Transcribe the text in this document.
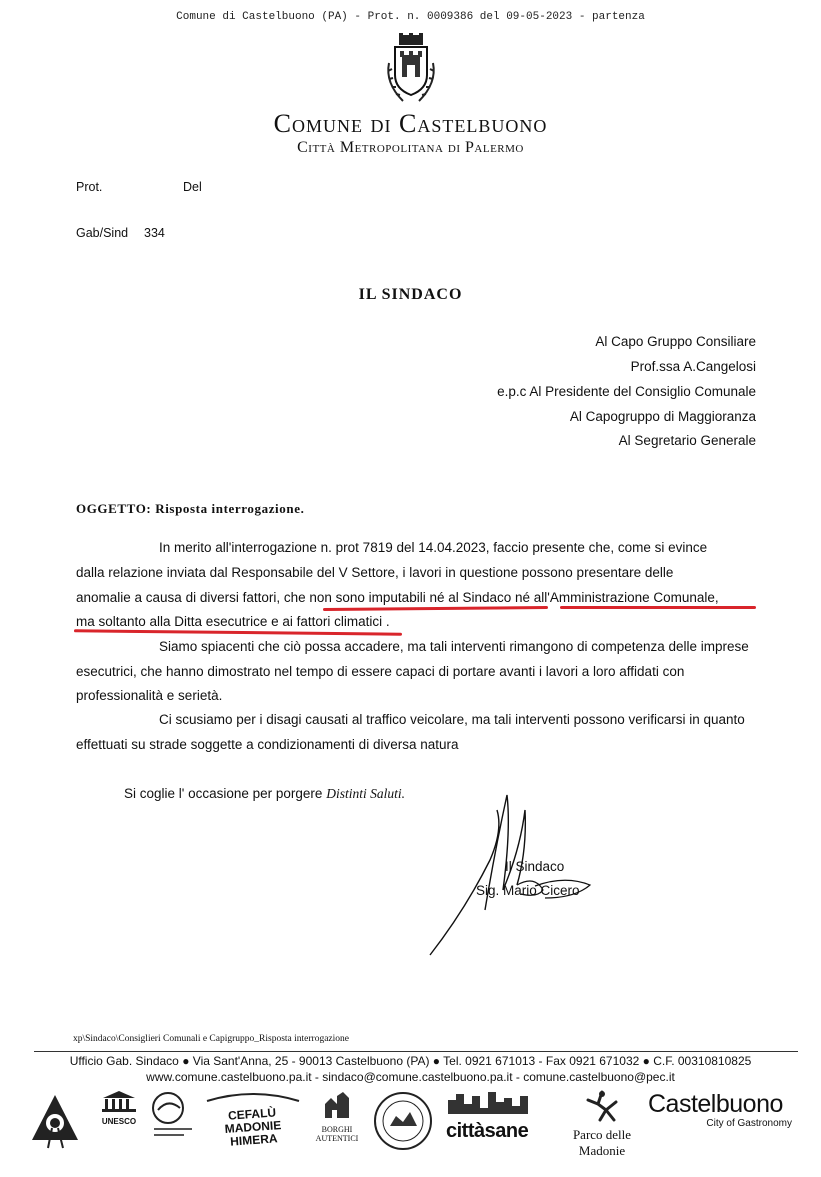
Comune di Castelbuono (PA) - Prot. n. 0009386 del 09-05-2023 - partenza
Comune di Castelbuono
Città Metropolitana di Palermo
Prot.	Del
Gab/Sind 334
IL SINDACO
Al Capo Gruppo Consiliare
Prof.ssa A.Cangelosi
e.p.c Al Presidente del Consiglio Comunale
Al Capogruppo di Maggioranza
Al Segretario Generale
OGGETTO: Risposta interrogazione.
In merito all'interrogazione n. prot 7819 del 14.04.2023, faccio presente che, come si evince
dalla relazione inviata dal Responsabile del V Settore, i lavori in questione possono presentare delle
anomalie a causa di diversi fattori, che non sono imputabili né al Sindaco né all'Amministrazione Comunale,
ma soltanto alla Ditta esecutrice e ai fattori climatici .
Siamo spiacenti che ciò possa accadere, ma tali interventi rimangono di competenza delle imprese
esecutrici, che hanno dimostrato nel tempo di essere capaci di portare avanti i lavori a loro affidati con
professionalità e serietà.
Ci scusiamo per i disagi causati al traffico veicolare, ma tali interventi possono verificarsi in quanto
effettuati su strade soggette a condizionamenti di diversa natura
Si coglie l' occasione per porgere Distinti Saluti.
Il Sindaco
Sig. Mario Cicero
xp\Sindaco\Consiglieri Comunali e Capigruppo_Risposta interrogazione
Ufficio Gab. Sindaco ● Via Sant'Anna, 25 - 90013 Castelbuono (PA) ● Tel. 0921 671013 - Fax 0921 671032 ● C.F. 00310810825
www.comune.castelbuono.pa.it - sindaco@comune.castelbuono.pa.it - comune.castelbuono@pec.it
UNESCO	CEFALÙ MADONIE HIMERA
BORGHI AUTENTICI	cittàsane	Parco delle Madonie
Castelbuono
City of Gastronomy
